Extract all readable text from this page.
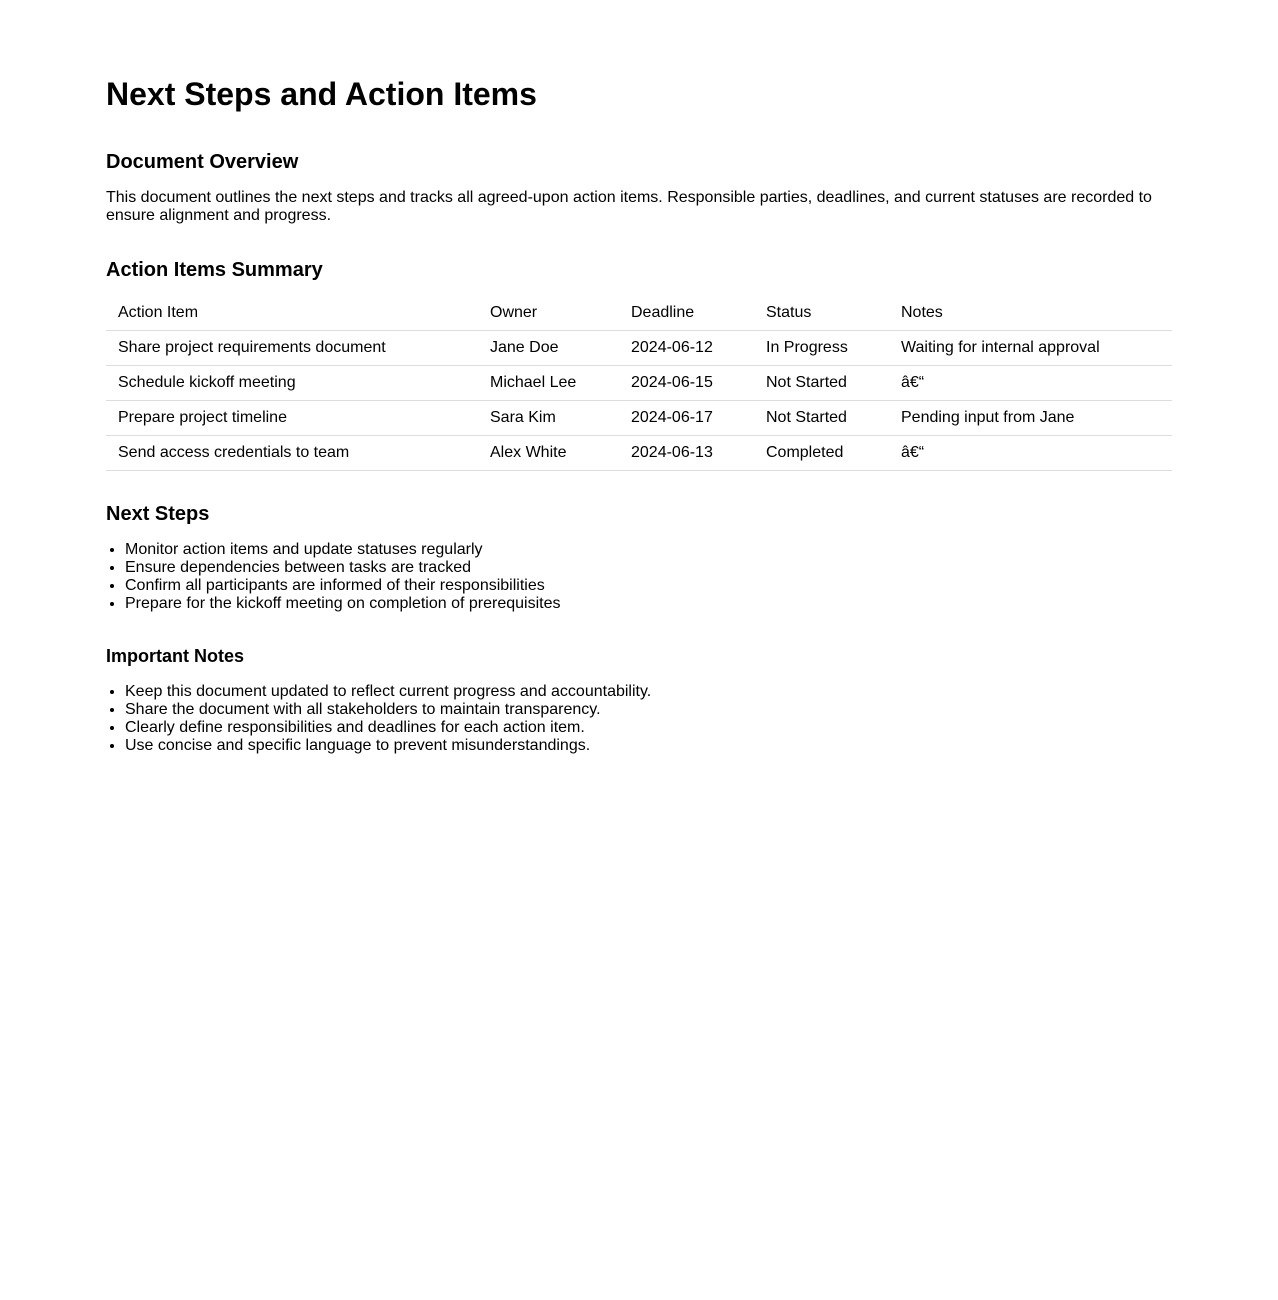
Next Steps and Action Items
Document Overview

This document outlines the next steps and tracks all agreed-upon action items. Responsible parties, deadlines, and current statuses are recorded to ensure alignment and progress.

Action Items Summary
Action Item	Owner	Deadline	Status	Notes
Share project requirements document	Jane Doe	2024-06-12	In Progress	Waiting for internal approval
Schedule kickoff meeting	Michael Lee	2024-06-15	Not Started	â€“
Prepare project timeline	Sara Kim	2024-06-17	Not Started	Pending input from Jane
Send access credentials to team	Alex White	2024-06-13	Completed	â€“
Next Steps
• Monitor action items and update statuses regularly
• Ensure dependencies between tasks are tracked
• Confirm all participants are informed of their responsibilities
• Prepare for the kickoff meeting on completion of prerequisites
Important Notes
• Keep this document updated to reflect current progress and accountability.
• Share the document with all stakeholders to maintain transparency.
• Clearly define responsibilities and deadlines for each action item.
• Use concise and specific language to prevent misunderstandings.
